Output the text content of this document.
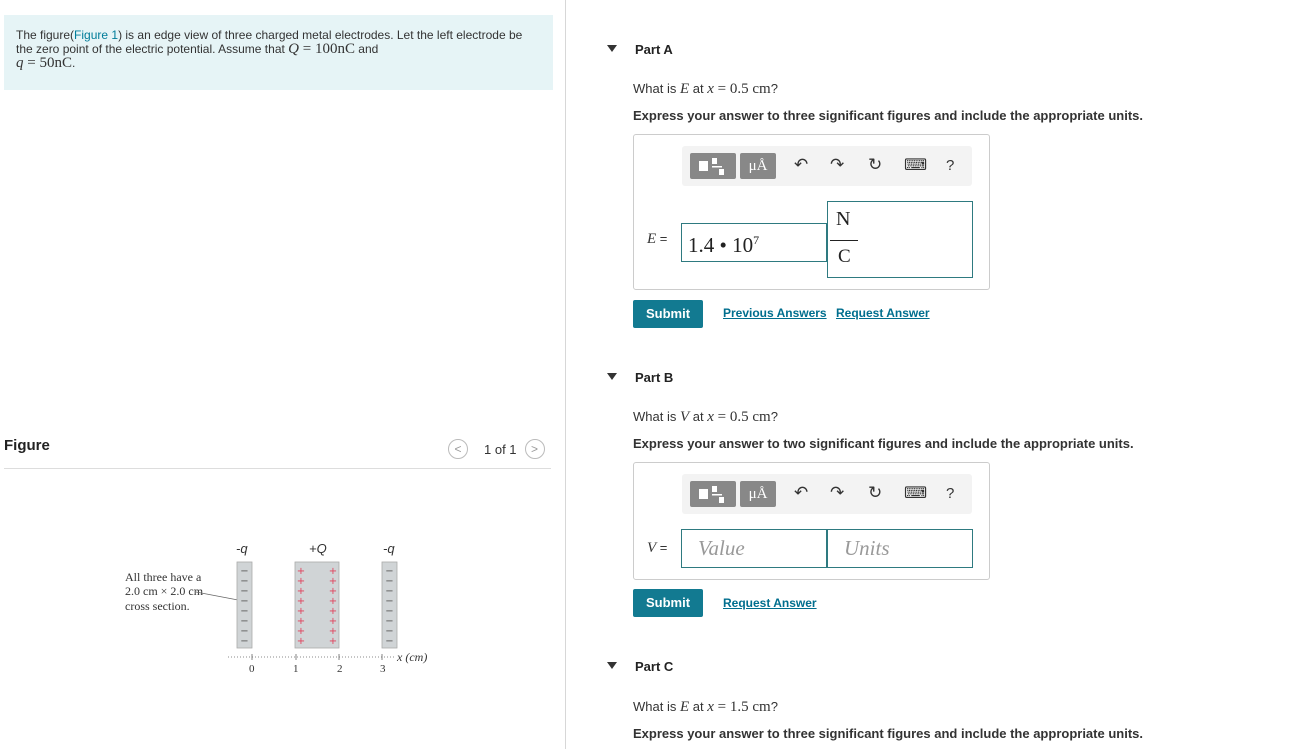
The figure(Figure 1) is an edge view of three charged metal electrodes. Let the left electrode be the zero point of the electric potential. Assume that Q = 100nC and
q = 50nC.
Figure	< 1 of 1 >
All three have a
2.0 cm × 2.0 cm
cross section.
-q	+Q	-q
−	−
+ +
−	−
+ +
−	−
+ +
−	−
+ +
−	−
+ +
−	−
+ +
−	−
+ +
−	−
+ +
x (cm)
0	1	2	3
Part A
What is E at x = 0.5 cm?
Express your answer to three significant figures and include the appropriate units.
μÅ	↶ ↷ ↻ ⌨ ?
E = 1.4 • $10^7$
N
C
Submit	Previous Answers Request Answer
Part B
What is V at x = 0.5 cm?
Express your answer to two significant figures and include the appropriate units.
μÅ	↶ ↷ ↻ ⌨ ?
V = Value	Units
Submit	Request Answer
Part C
What is E at x = 1.5 cm?
Express your answer to three significant figures and include the appropriate units.
